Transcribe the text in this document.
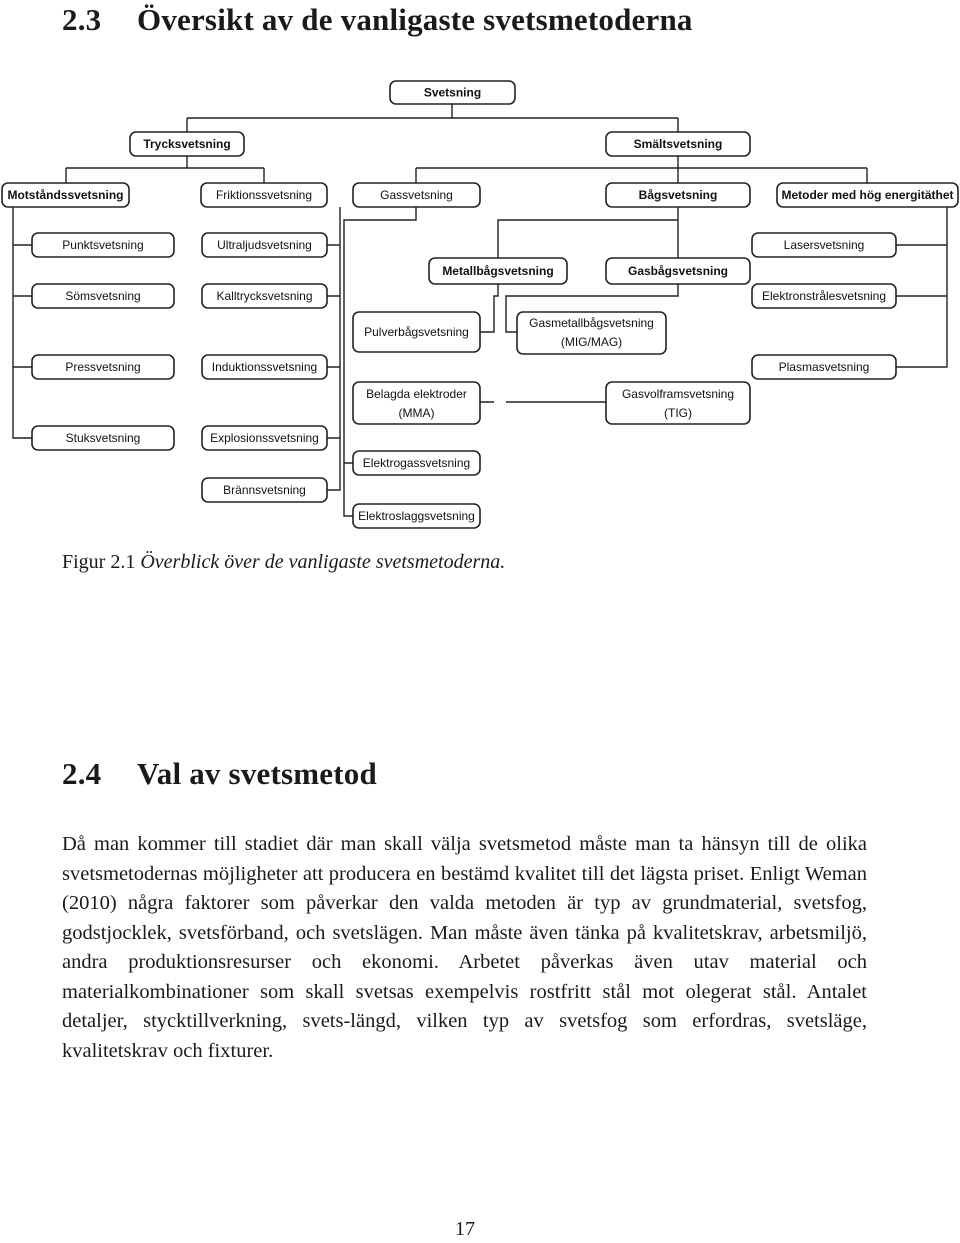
2.3 Översikt av de vanligaste svetsmetoderna
Svetsning
Trycksvetsning	Smältsvetsning
Motståndssvetsning	Friktionssvetsning	Gassvetsning	Bågsvetsning	Metoder med hög energitäthet
Punktsvetsning
Sömsvetsning
Pressvetsning
Stuksvetsning
Ultraljudsvetsning
Kalltrycksvetsning
Induktionssvetsning
Explosionssvetsning
Brännsvetsning
Metallbågsvetsning	Gasbågsvetsning
Pulverbågsvetsning
Belagda elektroder
(MMA)
Elektrogassvetsning
Elektroslaggsvetsning
Gasmetallbågsvetsning
(MIG/MAG)
Gasvolframsvetsning
(TIG)
Lasersvetsning
Elektronstrålesvetsning
Plasmasvetsning
Figur 2.1 Överblick över de vanligaste svetsmetoderna.
2.4 Val av svetsmetod

Då man kommer till stadiet där man skall välja svetsmetod måste man ta hänsyn till de olika svetsmetodernas möjligheter att producera en bestämd kvalitet till det lägsta priset. Enligt Weman (2010) några faktorer som påverkar den valda metoden är typ av grundmaterial, svetsfog, godstjocklek, svetsförband, och svetslägen. Man måste även tänka på kvalitetskrav, arbetsmiljö, andra produktionsresurser och ekonomi. Arbetet påverkas även utav material och materialkombinationer som skall svetsas exempelvis rostfritt stål mot olegerat stål. Antalet detaljer, stycktillverkning, svets-längd, vilken typ av svetsfog som erfordras, svetsläge, kvalitetskrav och fixturer.

17
